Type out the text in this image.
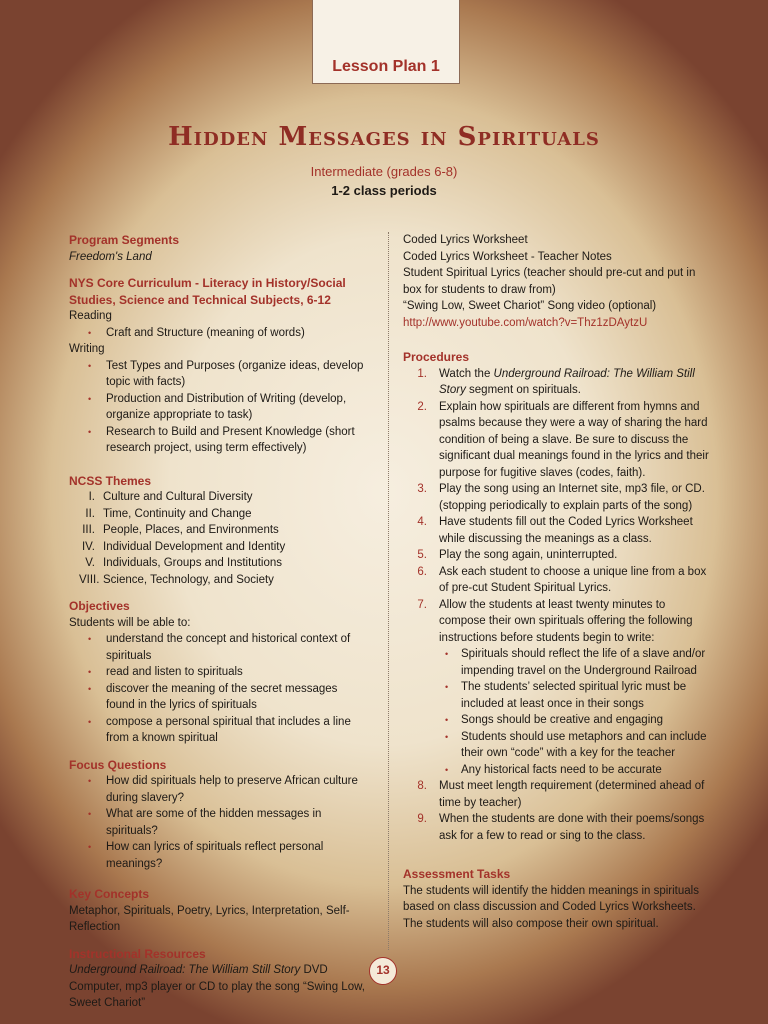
Lesson Plan 1
Hidden Messages in Spirituals
Intermediate (grades 6-8)
1-2 class periods
Program Segments
Freedom's Land
NYS Core Curriculum - Literacy in History/Social Studies, Science and Technical Subjects, 6-12
Reading
• Craft and Structure (meaning of words)
Writing
• Test Types and Purposes (organize ideas, develop topic with facts)
• Production and Distribution of Writing (develop, organize appropriate to task)
• Research to Build and Present Knowledge (short research project, using term effectively)
NCSS Themes
I. Culture and Cultural Diversity
II. Time, Continuity and Change
III. People, Places, and Environments
IV. Individual Development and Identity
V. Individuals, Groups and Institutions
VIII. Science, Technology, and Society
Objectives
Students will be able to:
• understand the concept and historical context of spirituals
• read and listen to spirituals
• discover the meaning of the secret messages found in the lyrics of spirituals
• compose a personal spiritual that includes a line from a known spiritual
Focus Questions
• How did spirituals help to preserve African culture during slavery?
• What are some of the hidden messages in spirituals?
• How can lyrics of spirituals reflect personal meanings?
Key Concepts
Metaphor, Spirituals, Poetry, Lyrics, Interpretation, Self-Reflection
Instructional Resources
Underground Railroad: The William Still Story DVD
Computer, mp3 player or CD to play the song “Swing Low, Sweet Chariot”
Coded Lyrics Worksheet
Coded Lyrics Worksheet - Teacher Notes
Student Spiritual Lyrics (teacher should pre-cut and put in box for students to draw from)
“Swing Low, Sweet Chariot” Song video (optional)
http://www.youtube.com/watch?v=Thz1zDAytzU
Procedures
1. Watch the Underground Railroad: The William Still Story segment on spirituals.
2. Explain how spirituals are different from hymns and psalms because they were a way of sharing the hard condition of being a slave. Be sure to discuss the significant dual meanings found in the lyrics and their purpose for fugitive slaves (codes, faith).
3. Play the song using an Internet site, mp3 file, or CD. (stopping periodically to explain parts of the song)
4. Have students fill out the Coded Lyrics Worksheet while discussing the meanings as a class.
5. Play the song again, uninterrupted.
6. Ask each student to choose a unique line from a box of pre-cut Student Spiritual Lyrics.
7. Allow the students at least twenty minutes to compose their own spirituals offering the following instructions before students begin to write:
• Spirituals should reflect the life of a slave and/or impending travel on the Underground Railroad
• The students’ selected spiritual lyric must be included at least once in their songs
• Songs should be creative and engaging
• Students should use metaphors and can include their own “code” with a key for the teacher
• Any historical facts need to be accurate
8. Must meet length requirement (determined ahead of time by teacher)
9. When the students are done with their poems/songs ask for a few to read or sing to the class.
Assessment Tasks
The students will identify the hidden meanings in spirituals based on class discussion and Coded Lyrics Worksheets. The students will also compose their own spiritual.
13
